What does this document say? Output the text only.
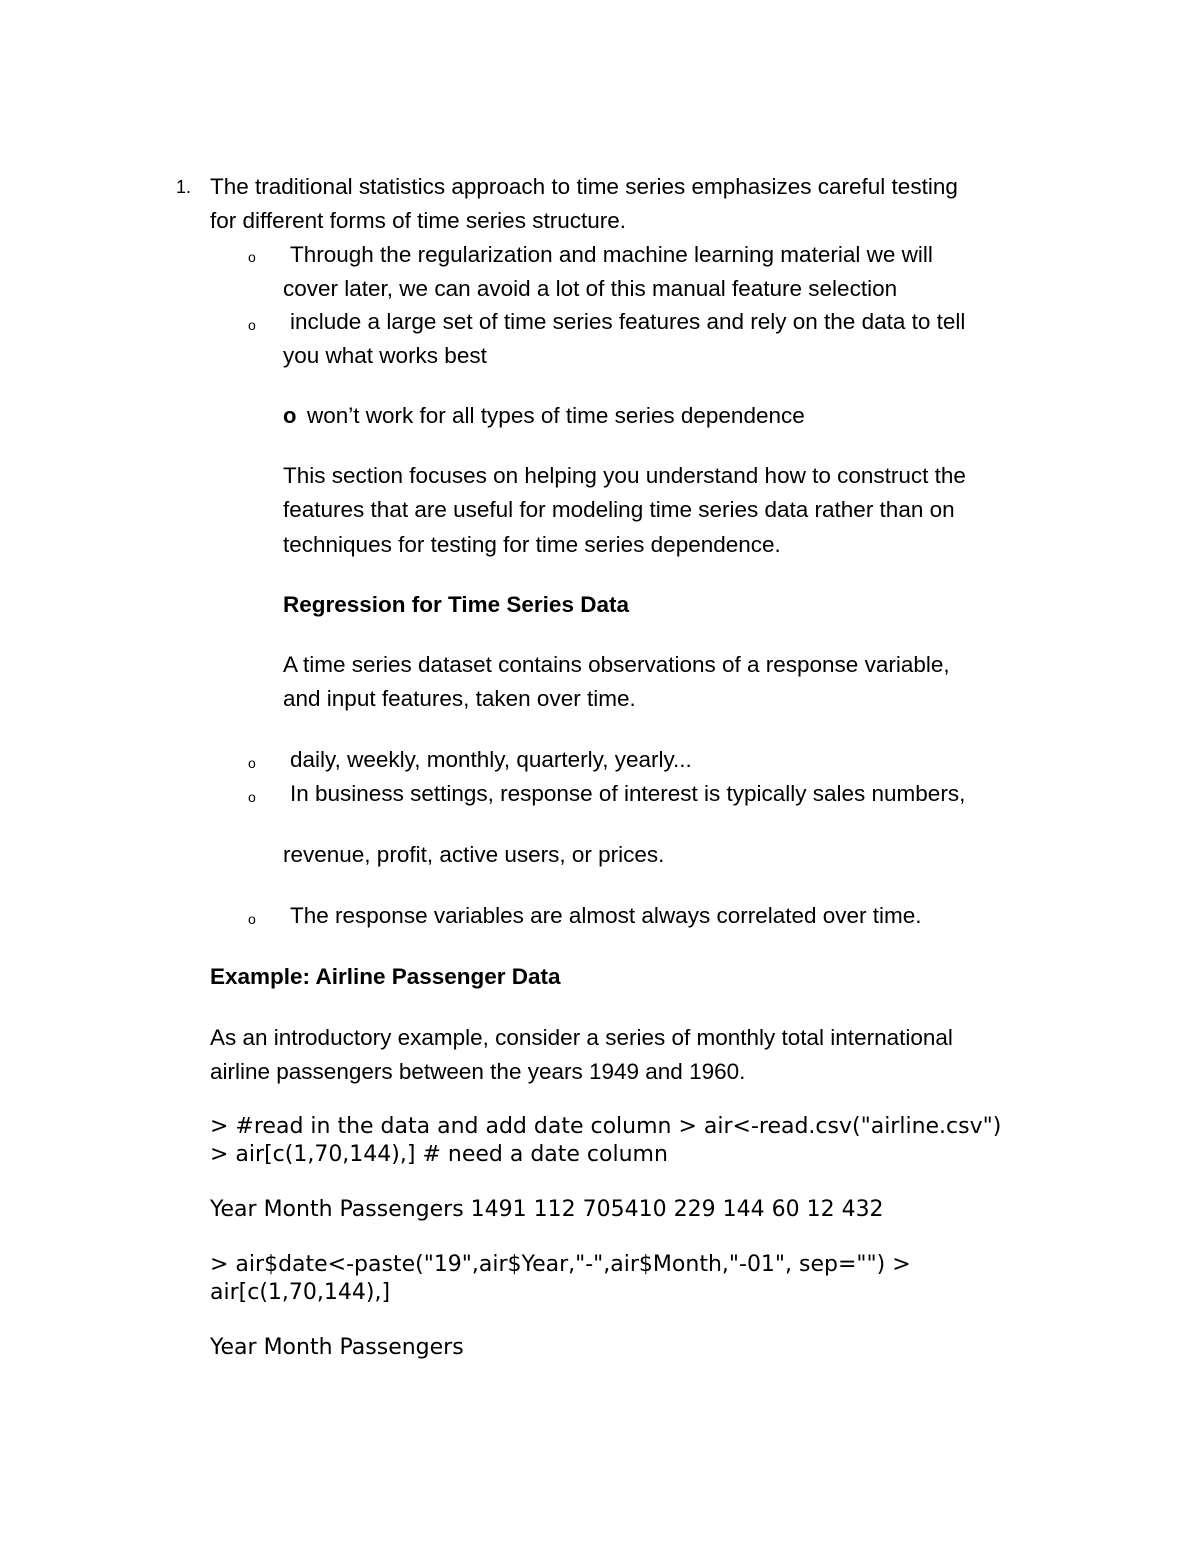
1. The traditional statistics approach to time series emphasizes careful testing
for different forms of time series structure.
o Through the regularization and machine learning material we will
cover later, we can avoid a lot of this manual feature selection
o include a large set of time series features and rely on the data to tell
you what works best
o won’t work for all types of time series dependence
This section focuses on helping you understand how to construct the
features that are useful for modeling time series data rather than on
techniques for testing for time series dependence.
Regression for Time Series Data
A time series dataset contains observations of a response variable,
and input features, taken over time.
o daily, weekly, monthly, quarterly, yearly...
o In business settings, response of interest is typically sales numbers,
revenue, profit, active users, or prices.
o The response variables are almost always correlated over time.
Example: Airline Passenger Data
As an introductory example, consider a series of monthly total international
airline passengers between the years 1949 and 1960.
> #read in the data and add date column > air<-read.csv("airline.csv")
> air[c(1,70,144),] # need a date column
Year Month Passengers 1491 112 705410 229 144 60 12 432
> air$date<-paste("19",air$Year,"-",air$Month,"-01", sep="") >
air[c(1,70,144),]
Year Month Passengers
